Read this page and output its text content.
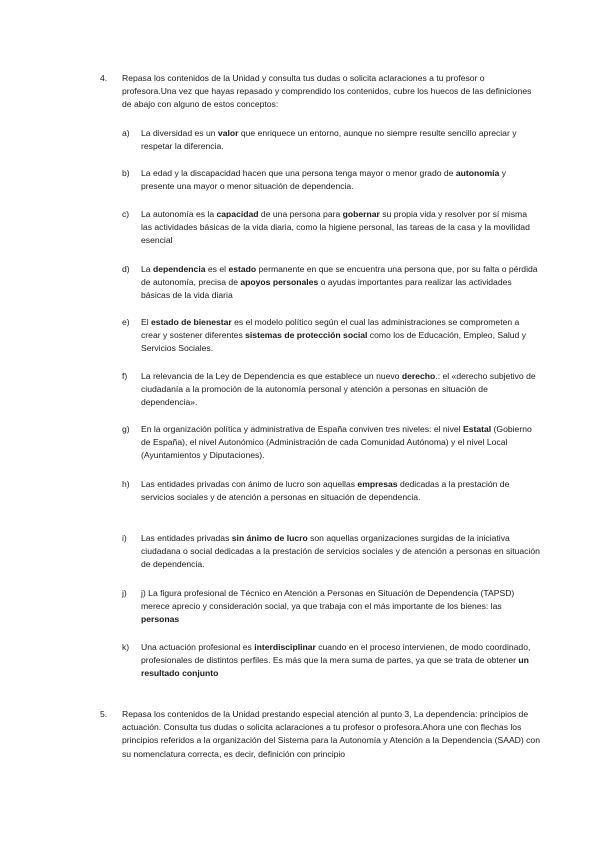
4. Repasa los contenidos de la Unidad y consulta tus dudas o solicita aclaraciones a tu profesor o profesora.Una vez que hayas repasado y comprendido los contenidos, cubre los huecos de las definiciones de abajo con alguno de estos conceptos:
a) La diversidad es un valor que enriquece un entorno, aunque no siempre resulte sencillo apreciar y respetar la diferencia.
b) La edad y la discapacidad hacen que una persona tenga mayor o menor grado de autonomía y presente una mayor o menor situación de dependencia.
c) La autonomía es la capacidad de una persona para gobernar su propia vida y resolver por sí misma las actividades básicas de la vida diaria, como la higiene personal, las tareas de la casa y la movilidad esencial
d) La dependencia es el estado permanente en que se encuentra una persona que, por su falta o pérdida de autonomía, precisa de apoyos personales o ayudas importantes para realizar las actividades básicas de la vida diaria
e) El estado de bienestar es el modelo político según el cual las administraciones se comprometen a crear y sostener diferentes sistemas de protección social como los de Educación, Empleo, Salud y Servicios Sociales.
f) La relevancia de la Ley de Dependencia es que establece un nuevo derecho.: el «derecho subjetivo de ciudadanía a la promoción de la autonomía personal y atención a personas en situación de dependencia».
g) En la organización política y administrativa de España conviven tres niveles: el nivel Estatal (Gobierno de España), el nivel Autonómico (Administración de cada Comunidad Autónoma) y el nivel Local (Ayuntamientos y Diputaciones).
h) Las entidades privadas con ánimo de lucro son aquellas empresas dedicadas a la prestación de servicios sociales y de atención a personas en situación de dependencia.
i) Las entidades privadas sin ánimo de lucro son aquellas organizaciones surgidas de la iniciativa ciudadana o social dedicadas a la prestación de servicios sociales y de atención a personas en situación de dependencia.
j) j) La figura profesional de Técnico en Atención a Personas en Situación de Dependencia (TAPSD) merece aprecio y consideración social, ya que trabaja con el más importante de los bienes: las personas
k) Una actuación profesional es interdisciplinar cuando en el proceso intervienen, de modo coordinado, profesionales de distintos perfiles. Es más que la mera suma de partes, ya que se trata de obtener un resultado conjunto
5. Repasa los contenidos de la Unidad prestando especial atención al punto 3, La dependencia: principios de actuación. Consulta tus dudas o solicita aclaraciones a tu profesor o profesora.Ahora une con flechas los principios referidos a la organización del Sistema para la Autonomía y Atención a la Dependencia (SAAD) con su nomenclatura correcta, es decir, definición con principio
